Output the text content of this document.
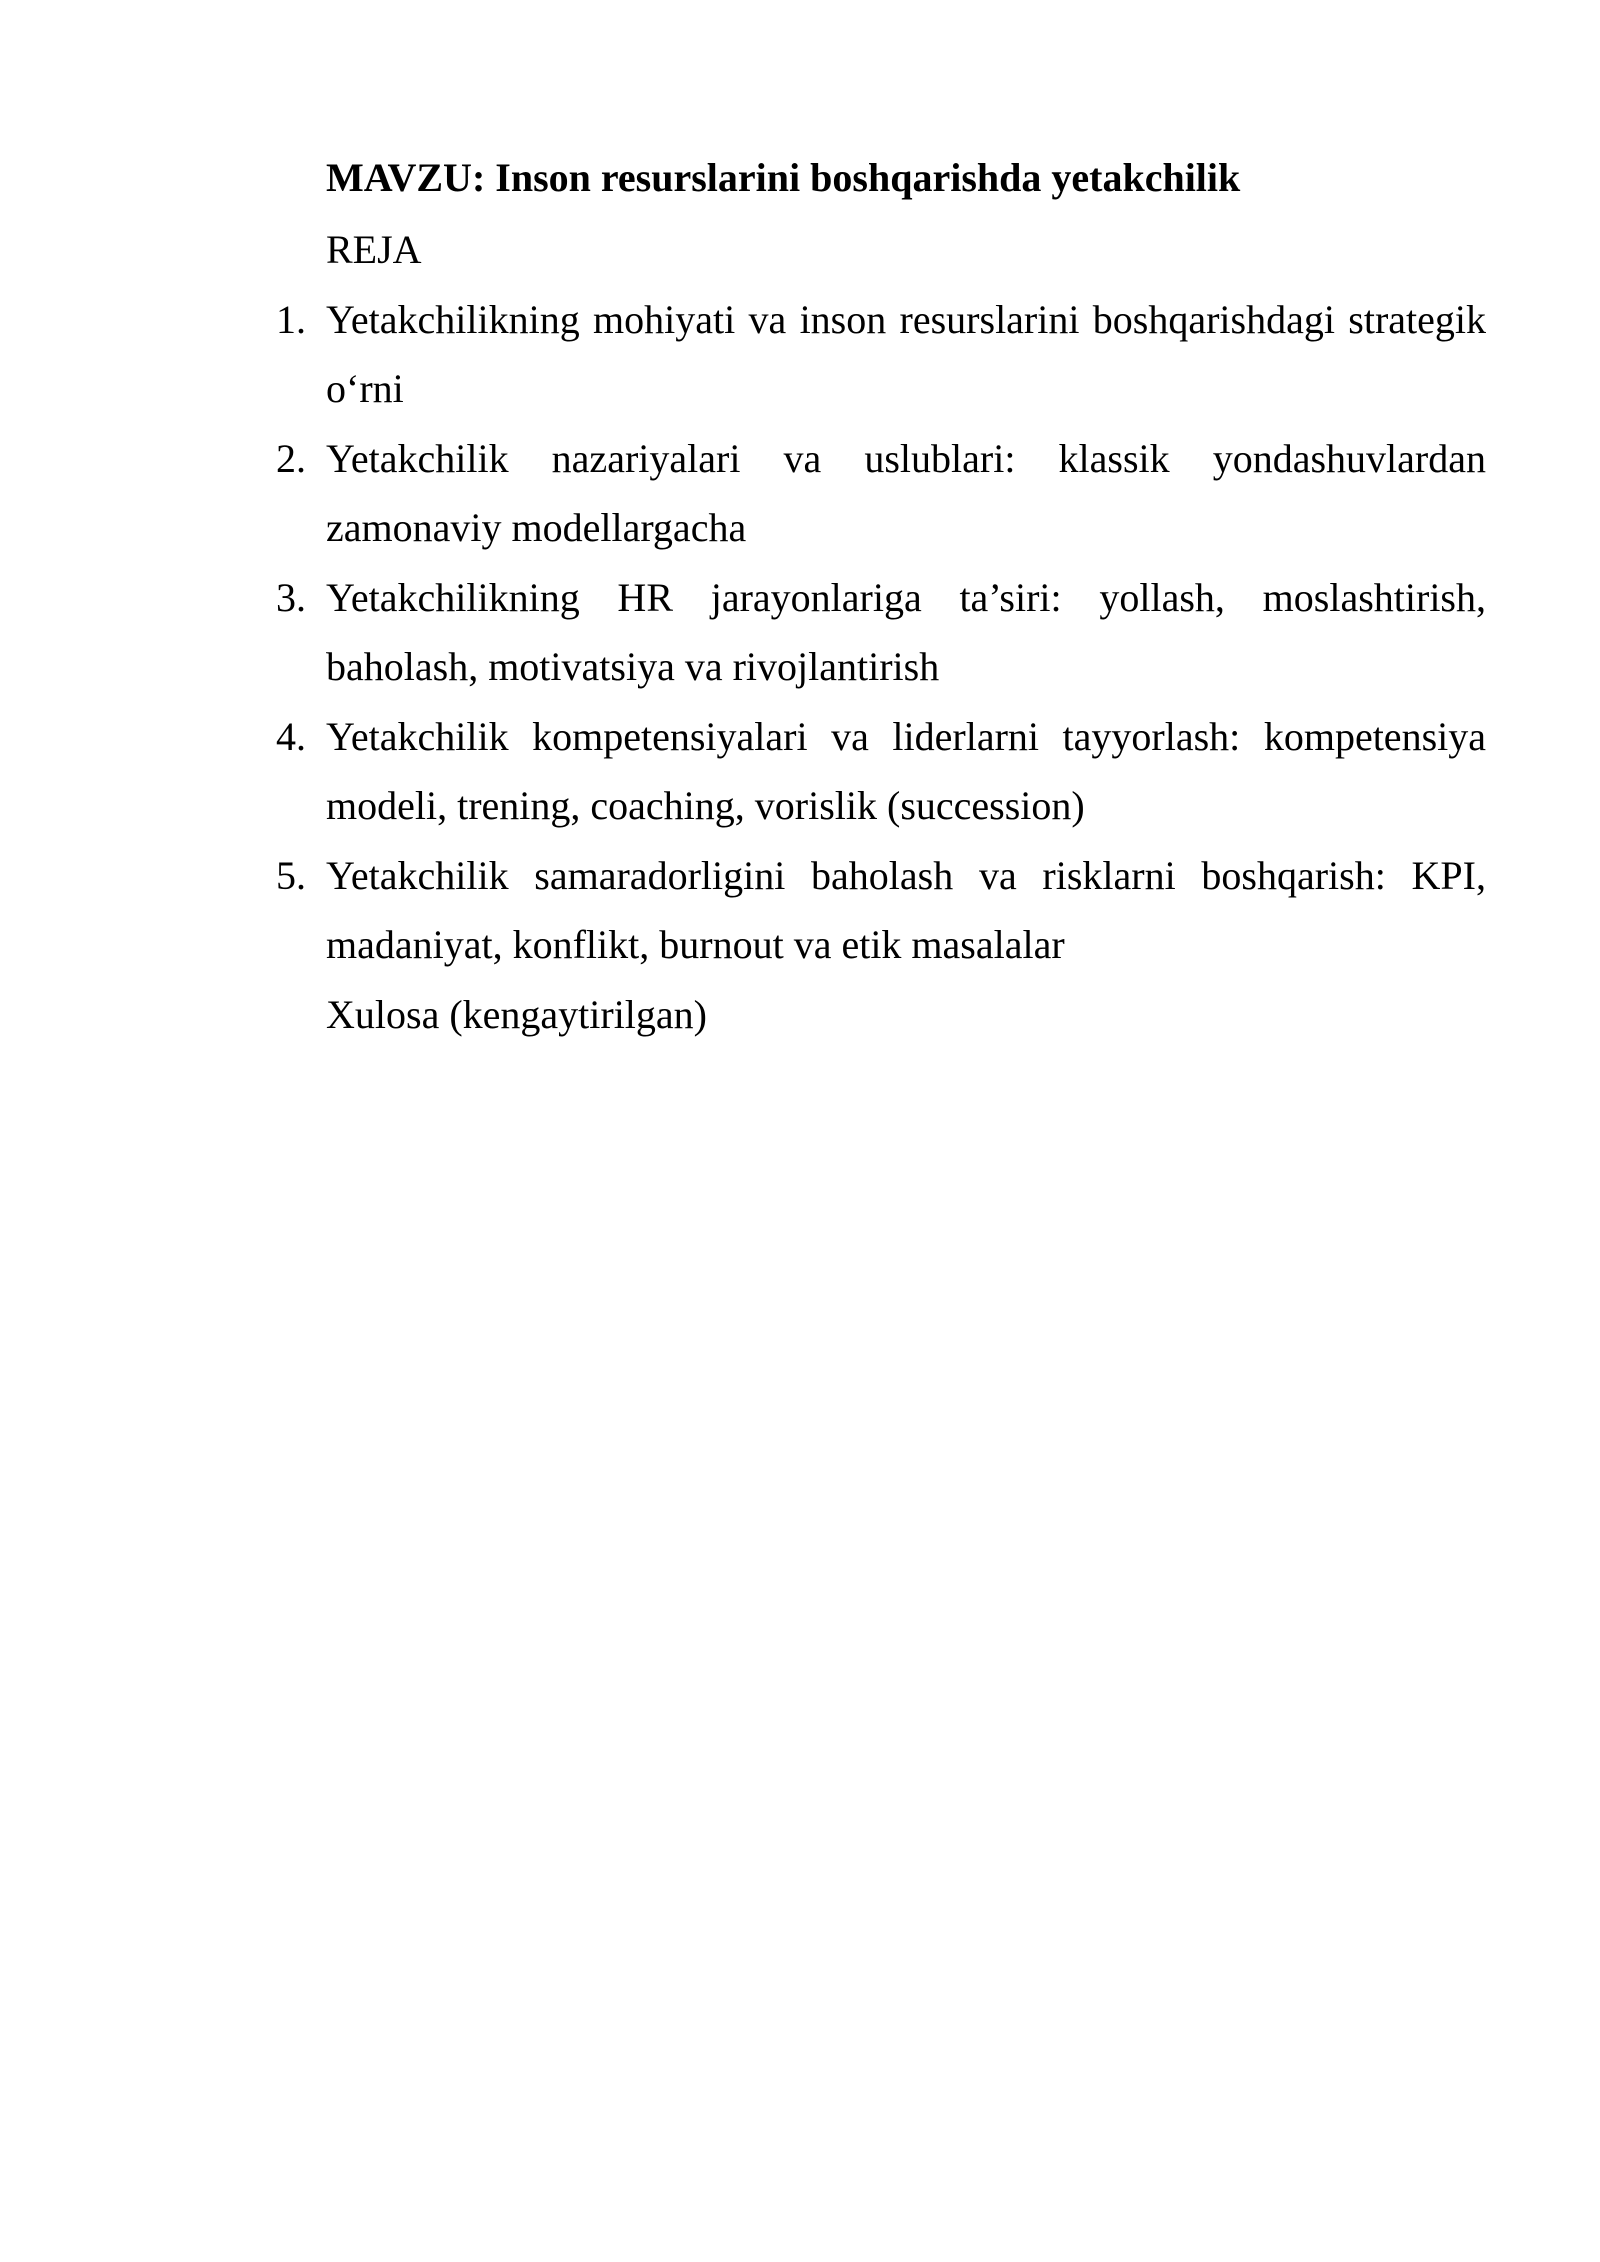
MAVZU: Inson resurslarini boshqarishda yetakchilik

REJA

1. Yetakchilikning mohiyati va inson resurslarini boshqarishdagi strategik o‘rni
2. Yetakchilik nazariyalari va uslublari: klassik yondashuvlardan zamonaviy modellargacha
3. Yetakchilikning HR jarayonlariga ta’siri: yollash, moslashtirish, baholash, motivatsiya va rivojlantirish
4. Yetakchilik kompetensiyalari va liderlarni tayyorlash: kompetensiya modeli, trening, coaching, vorislik (succession)
5. Yetakchilik samaradorligini baholash va risklarni boshqarish: KPI, madaniyat, konflikt, burnout va etik masalalar

Xulosa (kengaytirilgan)
